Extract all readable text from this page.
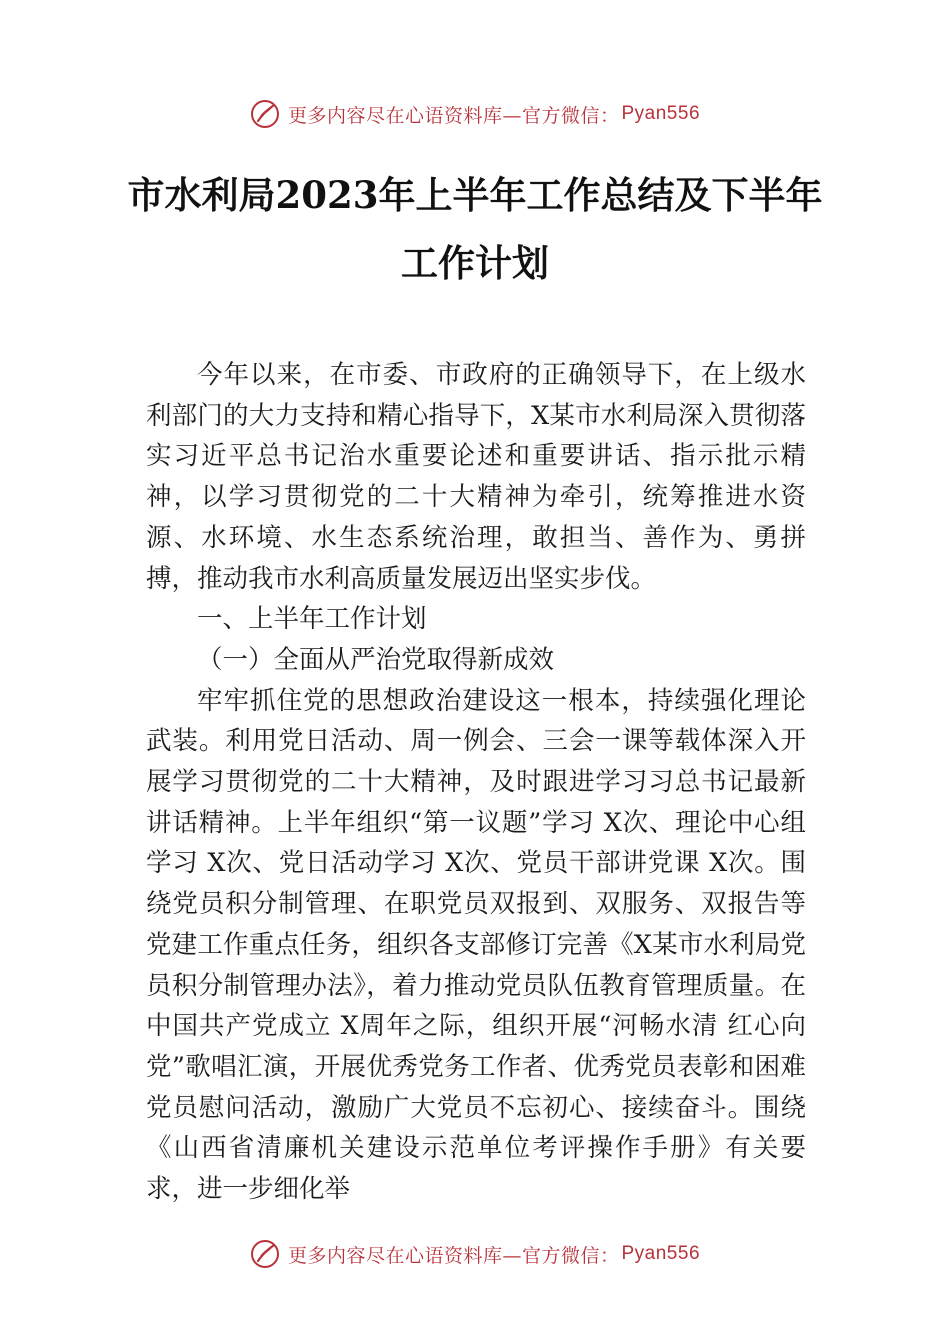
更多内容尽在心语资料库—官方微信： Pyan556
市水利局2023年上半年工作总结及下半年
工作计划

今年以来，在市委、市政府的正确领导下，在上级水利部门的大力支持和精心指导下，X某市水利局深入贯彻落实习近平总书记治水重要论述和重要讲话、指示批示精神，以学习贯彻党的二十大精神为牵引，统筹推进水资源、水环境、水生态系统治理，敢担当、善作为、勇拼搏，推动我市水利高质量发展迈出坚实步伐。

一、上半年工作计划

（一）全面从严治党取得新成效

牢牢抓住党的思想政治建设这一根本，持续强化理论武装。利用党日活动、周一例会、三会一课等载体深入开展学习贯彻党的二十大精神，及时跟进学习习总书记最新讲话精神。上半年组织“第一议题”学习 X次、理论中心组学习 X次、党日活动学习 X次、党员干部讲党课 X次。围绕党员积分制管理、在职党员双报到、双服务、双报告等党建工作重点任务，组织各支部修订完善《X某市水利局党员积分制管理办法》，着力推动党员队伍教育管理质量。在中国共产党成立 X周年之际，组织开展“河畅水清 红心向党”歌唱汇演，开展优秀党务工作者、优秀党员表彰和困难党员慰问活动，激励广大党员不忘初心、接续奋斗。围绕《山西省清廉机关建设示范单位考评操作手册》有关要求，进一步细化举

更多内容尽在心语资料库—官方微信： Pyan556
